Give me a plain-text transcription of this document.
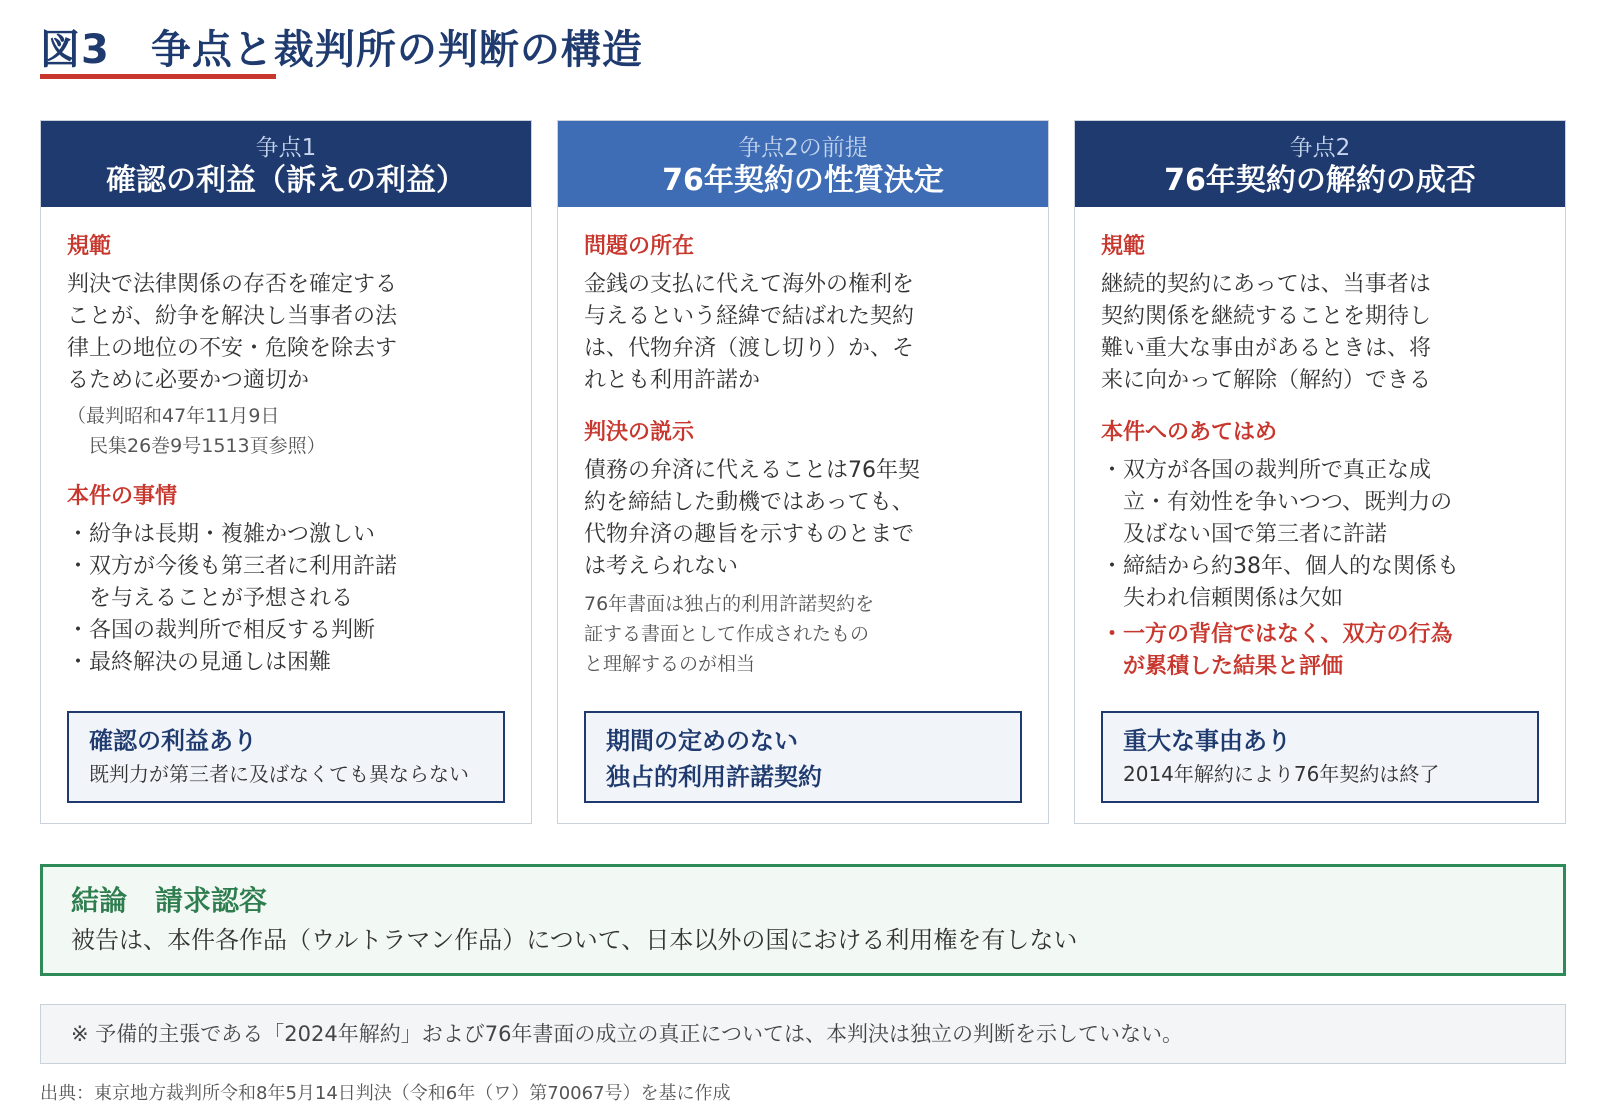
図3　争点と裁判所の判断の構造
争点1
確認の利益（訴えの利益）
規範
判決で法律関係の存否を確定する
ことが、紛争を解決し当事者の法
律上の地位の不安・危険を除去す
るために必要かつ適切か
（最判昭和47年11月9日
民集26巻9号1513頁参照）
本件の事情
・ 紛争は長期・複雑かつ激しい
・ 双方が今後も第三者に利用許諾を与えることが予想される
・ 各国の裁判所で相反する判断
・ 最終解決の見通しは困難
確認の利益あり
既判力が第三者に及ばなくても異ならない
争点2の前提
76年契約の性質決定
問題の所在
金銭の支払に代えて海外の権利を
与えるという経緯で結ばれた契約
は、代物弁済（渡し切り）か、そ
れとも利用許諾か
判決の説示
債務の弁済に代えることは76年契
約を締結した動機ではあっても、
代物弁済の趣旨を示すものとまで
は考えられない
76年書面は独占的利用許諾契約を
証する書面として作成されたもの
と理解するのが相当
期間の定めのない
独占的利用許諾契約
争点2
76年契約の解約の成否
規範
継続的契約にあっては、当事者は
契約関係を継続することを期待し
難い重大な事由があるときは、将
来に向かって解除（解約）できる
本件へのあてはめ
・ 双方が各国の裁判所で真正な成立・有効性を争いつつ、既判力の及ばない国で第三者に許諾
・ 締結から約38年、個人的な関係も失われ信頼関係は欠如
・ 一方の背信ではなく、双方の行為が累積した結果と評価
重大な事由あり
2014年解約により76年契約は終了
結論　請求認容
被告は、本件各作品（ウルトラマン作品）について、日本以外の国における利用権を有しない
※ 予備的主張である「2024年解約」および76年書面の成立の真正については、本判決は独立の判断を示していない。
出典：東京地方裁判所令和8年5月14日判決（令和6年（ワ）第70067号）を基に作成
